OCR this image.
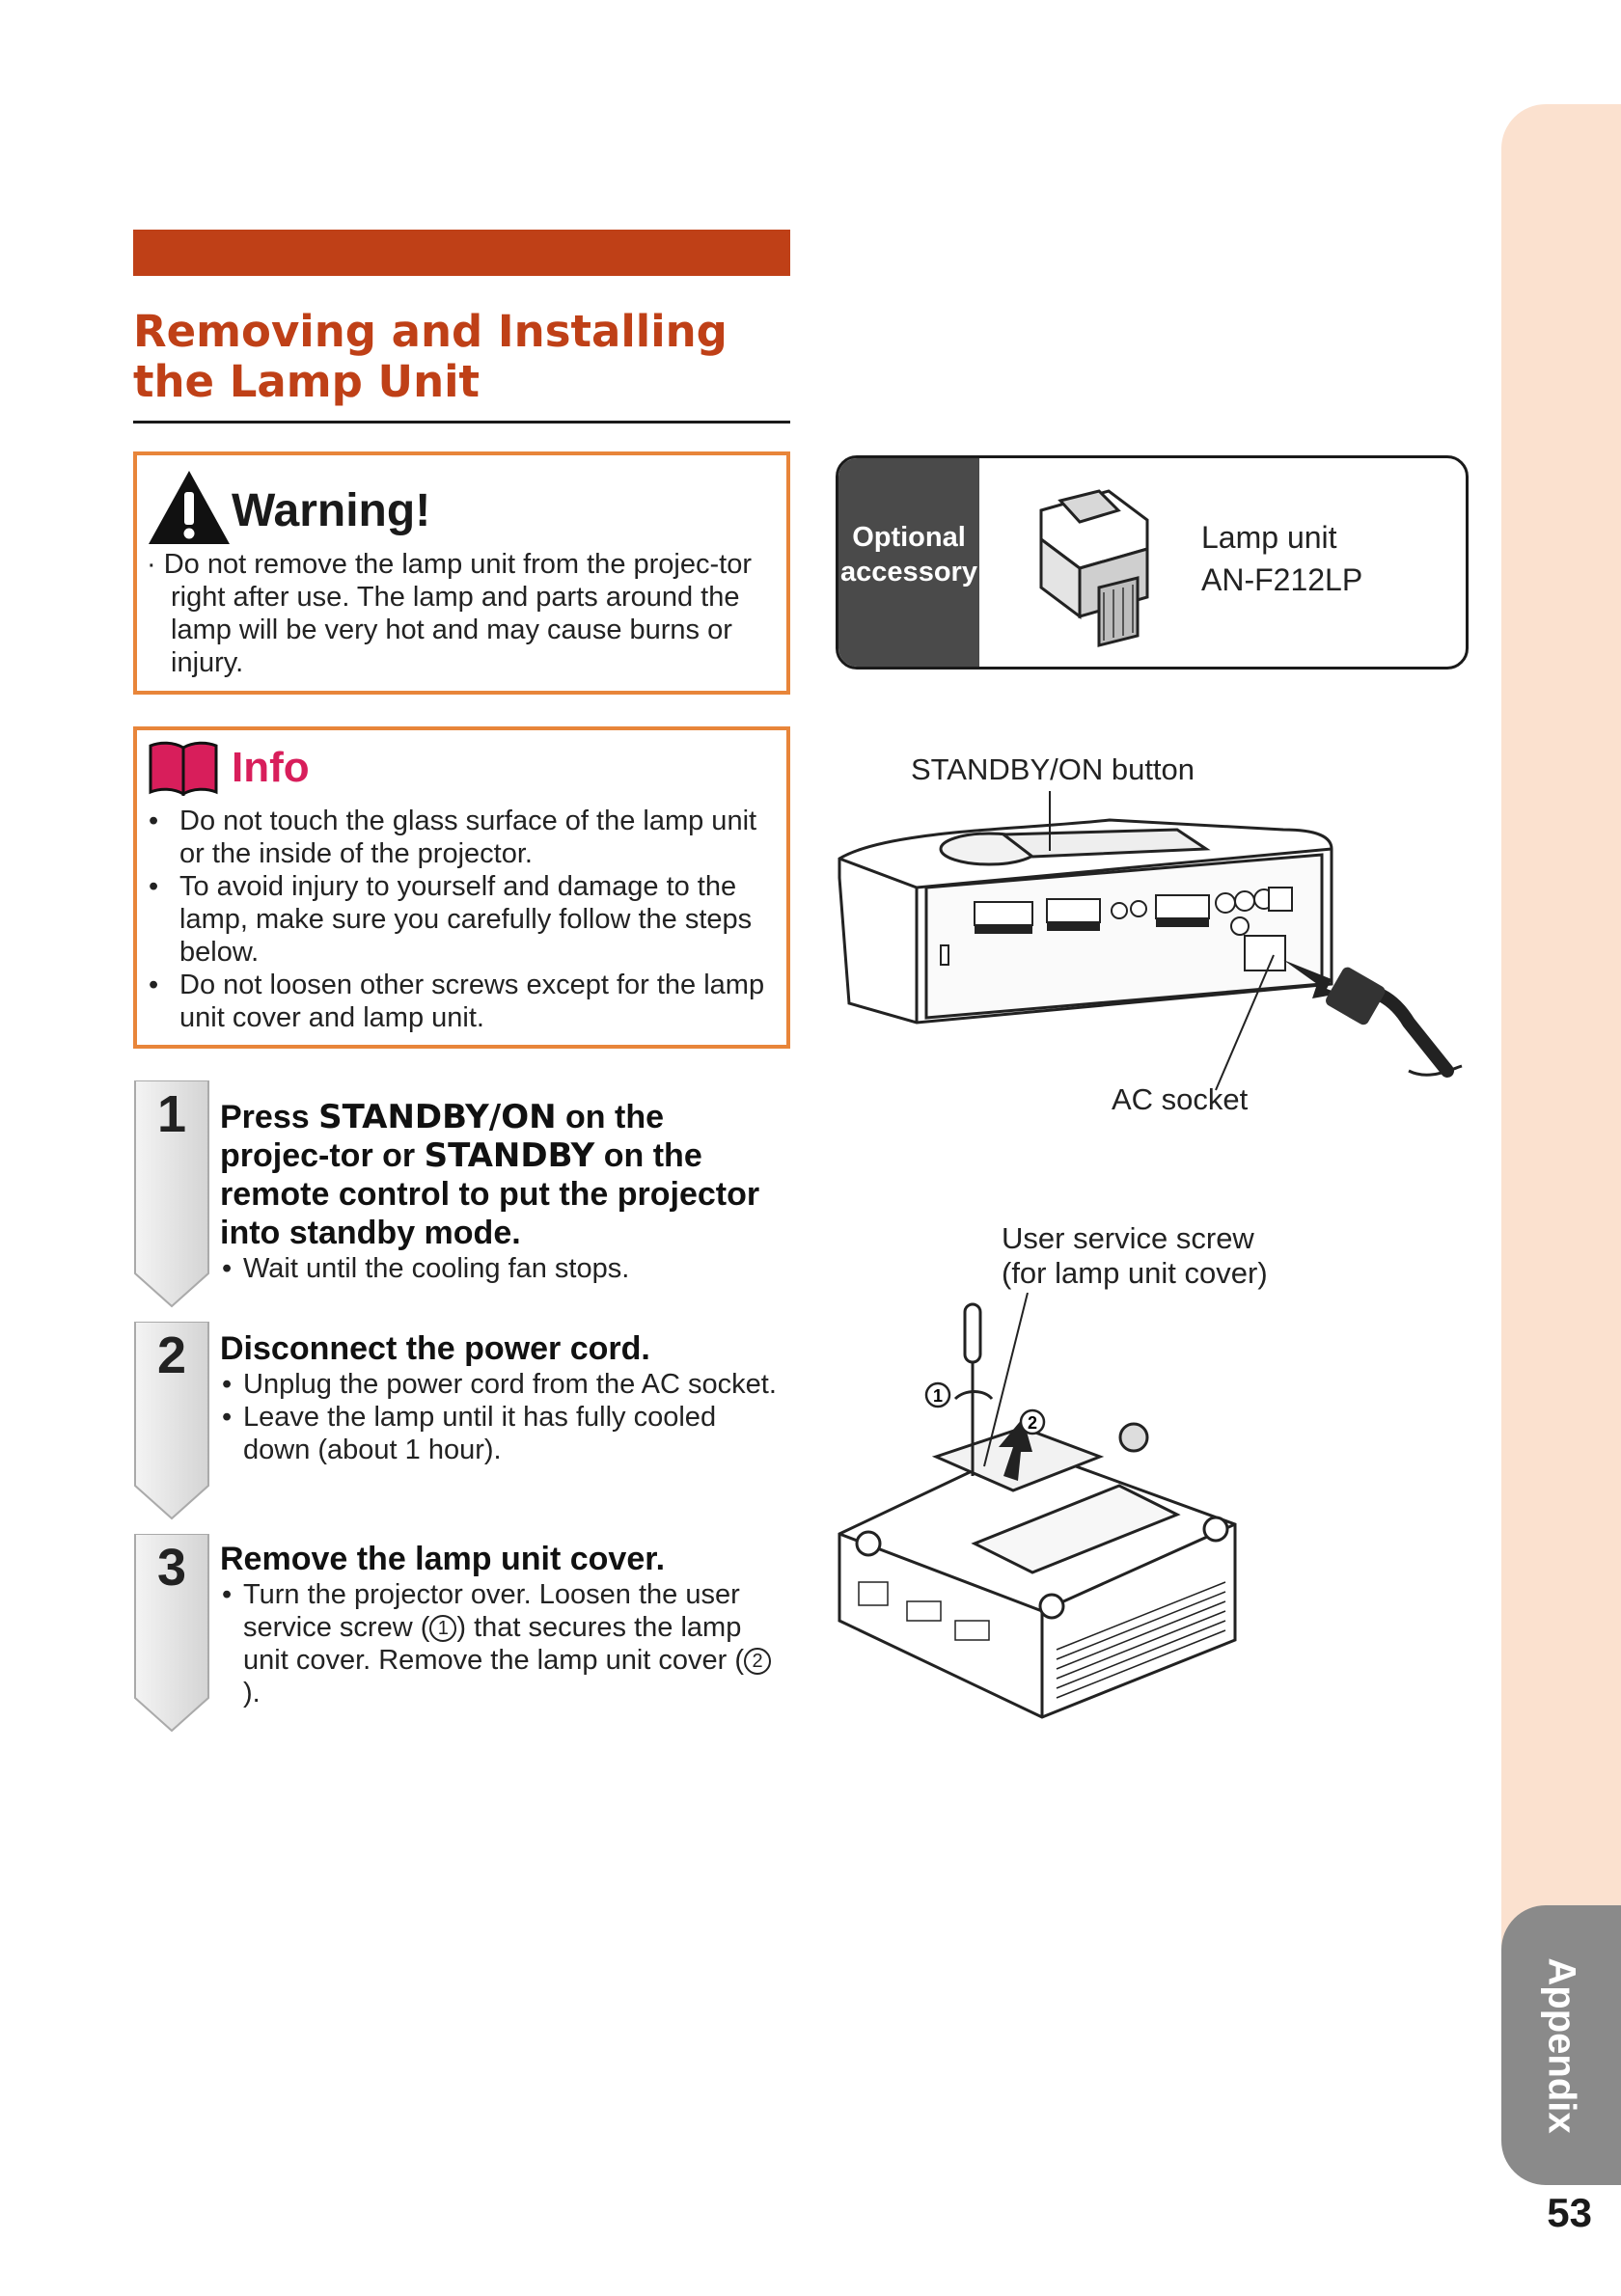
Appendix
53
Removing and Installing
the Lamp Unit
Warning!
· Do not remove the lamp unit from the projec-tor right after use. The lamp and parts around the lamp will be very hot and may cause burns or injury.
Info
• Do not touch the glass surface of the lamp unit or the inside of the projector.
• To avoid injury to yourself and damage to the lamp, make sure you carefully follow the steps below.
• Do not loosen other screws except for the lamp unit cover and lamp unit.
1	Press STANDBY/ON on the projec-tor or STANDBY on the remote control to put the projector into standby mode.
• Wait until the cooling fan stops.
2	Disconnect the power cord.
• Unplug the power cord from the AC socket.
• Leave the lamp until it has fully cooled down (about 1 hour).
3	Remove the lamp unit cover.
• Turn the projector over. Loosen the user service screw ( 1 ) that secures the lamp unit cover. Remove the lamp unit cover ( 2).
Optional
accessory
Lamp unit
AN-F212LP
STANDBY/ON button
AC socket
User service screw
(for lamp unit cover)
1
2
